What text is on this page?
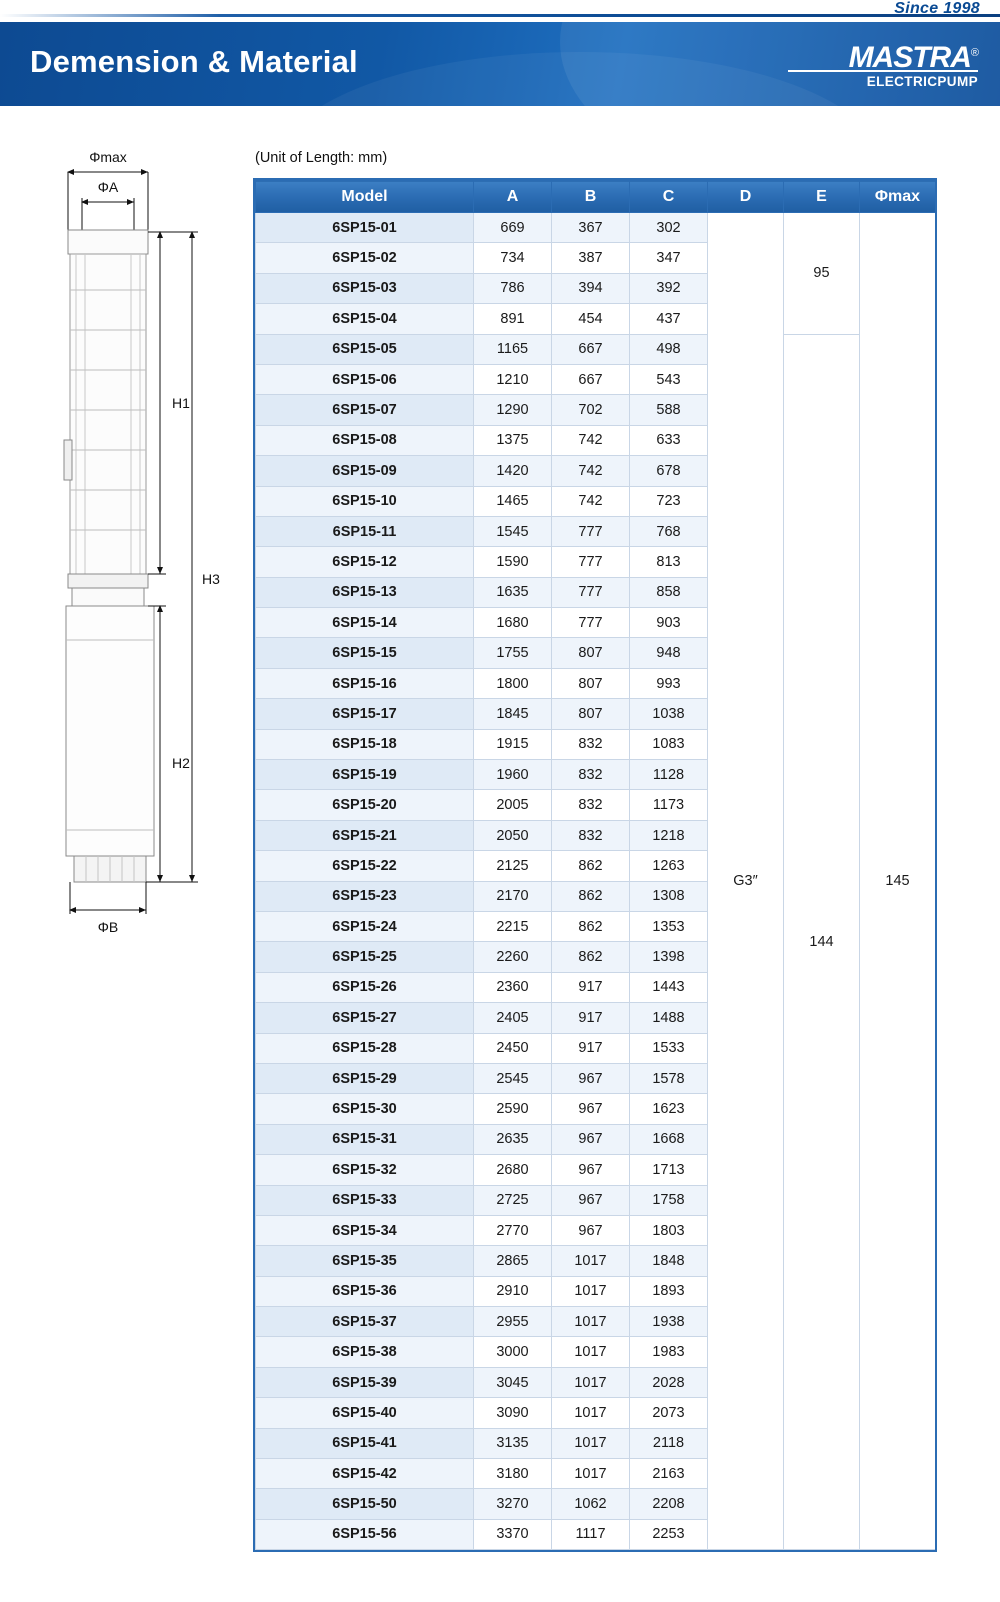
Since 1998
Demension & Material	MASTRA®
ELECTRICPUMP
Φmax
ΦA
ΦB
H1
H2
H3
(Unit of Length: mm)
Model	A	B	C	D	E	Φmax
6SP15-01	669	367	302	G3″	95	145
6SP15-02	734	387	347			
6SP15-03	786	394	392			
6SP15-04	891	454	437			
6SP15-05	1165	667	498		144	
6SP15-06	1210	667	543			
6SP15-07	1290	702	588			
6SP15-08	1375	742	633			
6SP15-09	1420	742	678			
6SP15-10	1465	742	723			
6SP15-11	1545	777	768			
6SP15-12	1590	777	813			
6SP15-13	1635	777	858			
6SP15-14	1680	777	903			
6SP15-15	1755	807	948			
6SP15-16	1800	807	993			
6SP15-17	1845	807	1038			
6SP15-18	1915	832	1083			
6SP15-19	1960	832	1128			
6SP15-20	2005	832	1173			
6SP15-21	2050	832	1218			
6SP15-22	2125	862	1263			
6SP15-23	2170	862	1308			
6SP15-24	2215	862	1353			
6SP15-25	2260	862	1398			
6SP15-26	2360	917	1443			
6SP15-27	2405	917	1488			
6SP15-28	2450	917	1533			
6SP15-29	2545	967	1578			
6SP15-30	2590	967	1623			
6SP15-31	2635	967	1668			
6SP15-32	2680	967	1713			
6SP15-33	2725	967	1758			
6SP15-34	2770	967	1803			
6SP15-35	2865	1017	1848			
6SP15-36	2910	1017	1893			
6SP15-37	2955	1017	1938			
6SP15-38	3000	1017	1983			
6SP15-39	3045	1017	2028			
6SP15-40	3090	1017	2073			
6SP15-41	3135	1017	2118			
6SP15-42	3180	1017	2163			
6SP15-50	3270	1062	2208			
6SP15-56	3370	1117	2253			
